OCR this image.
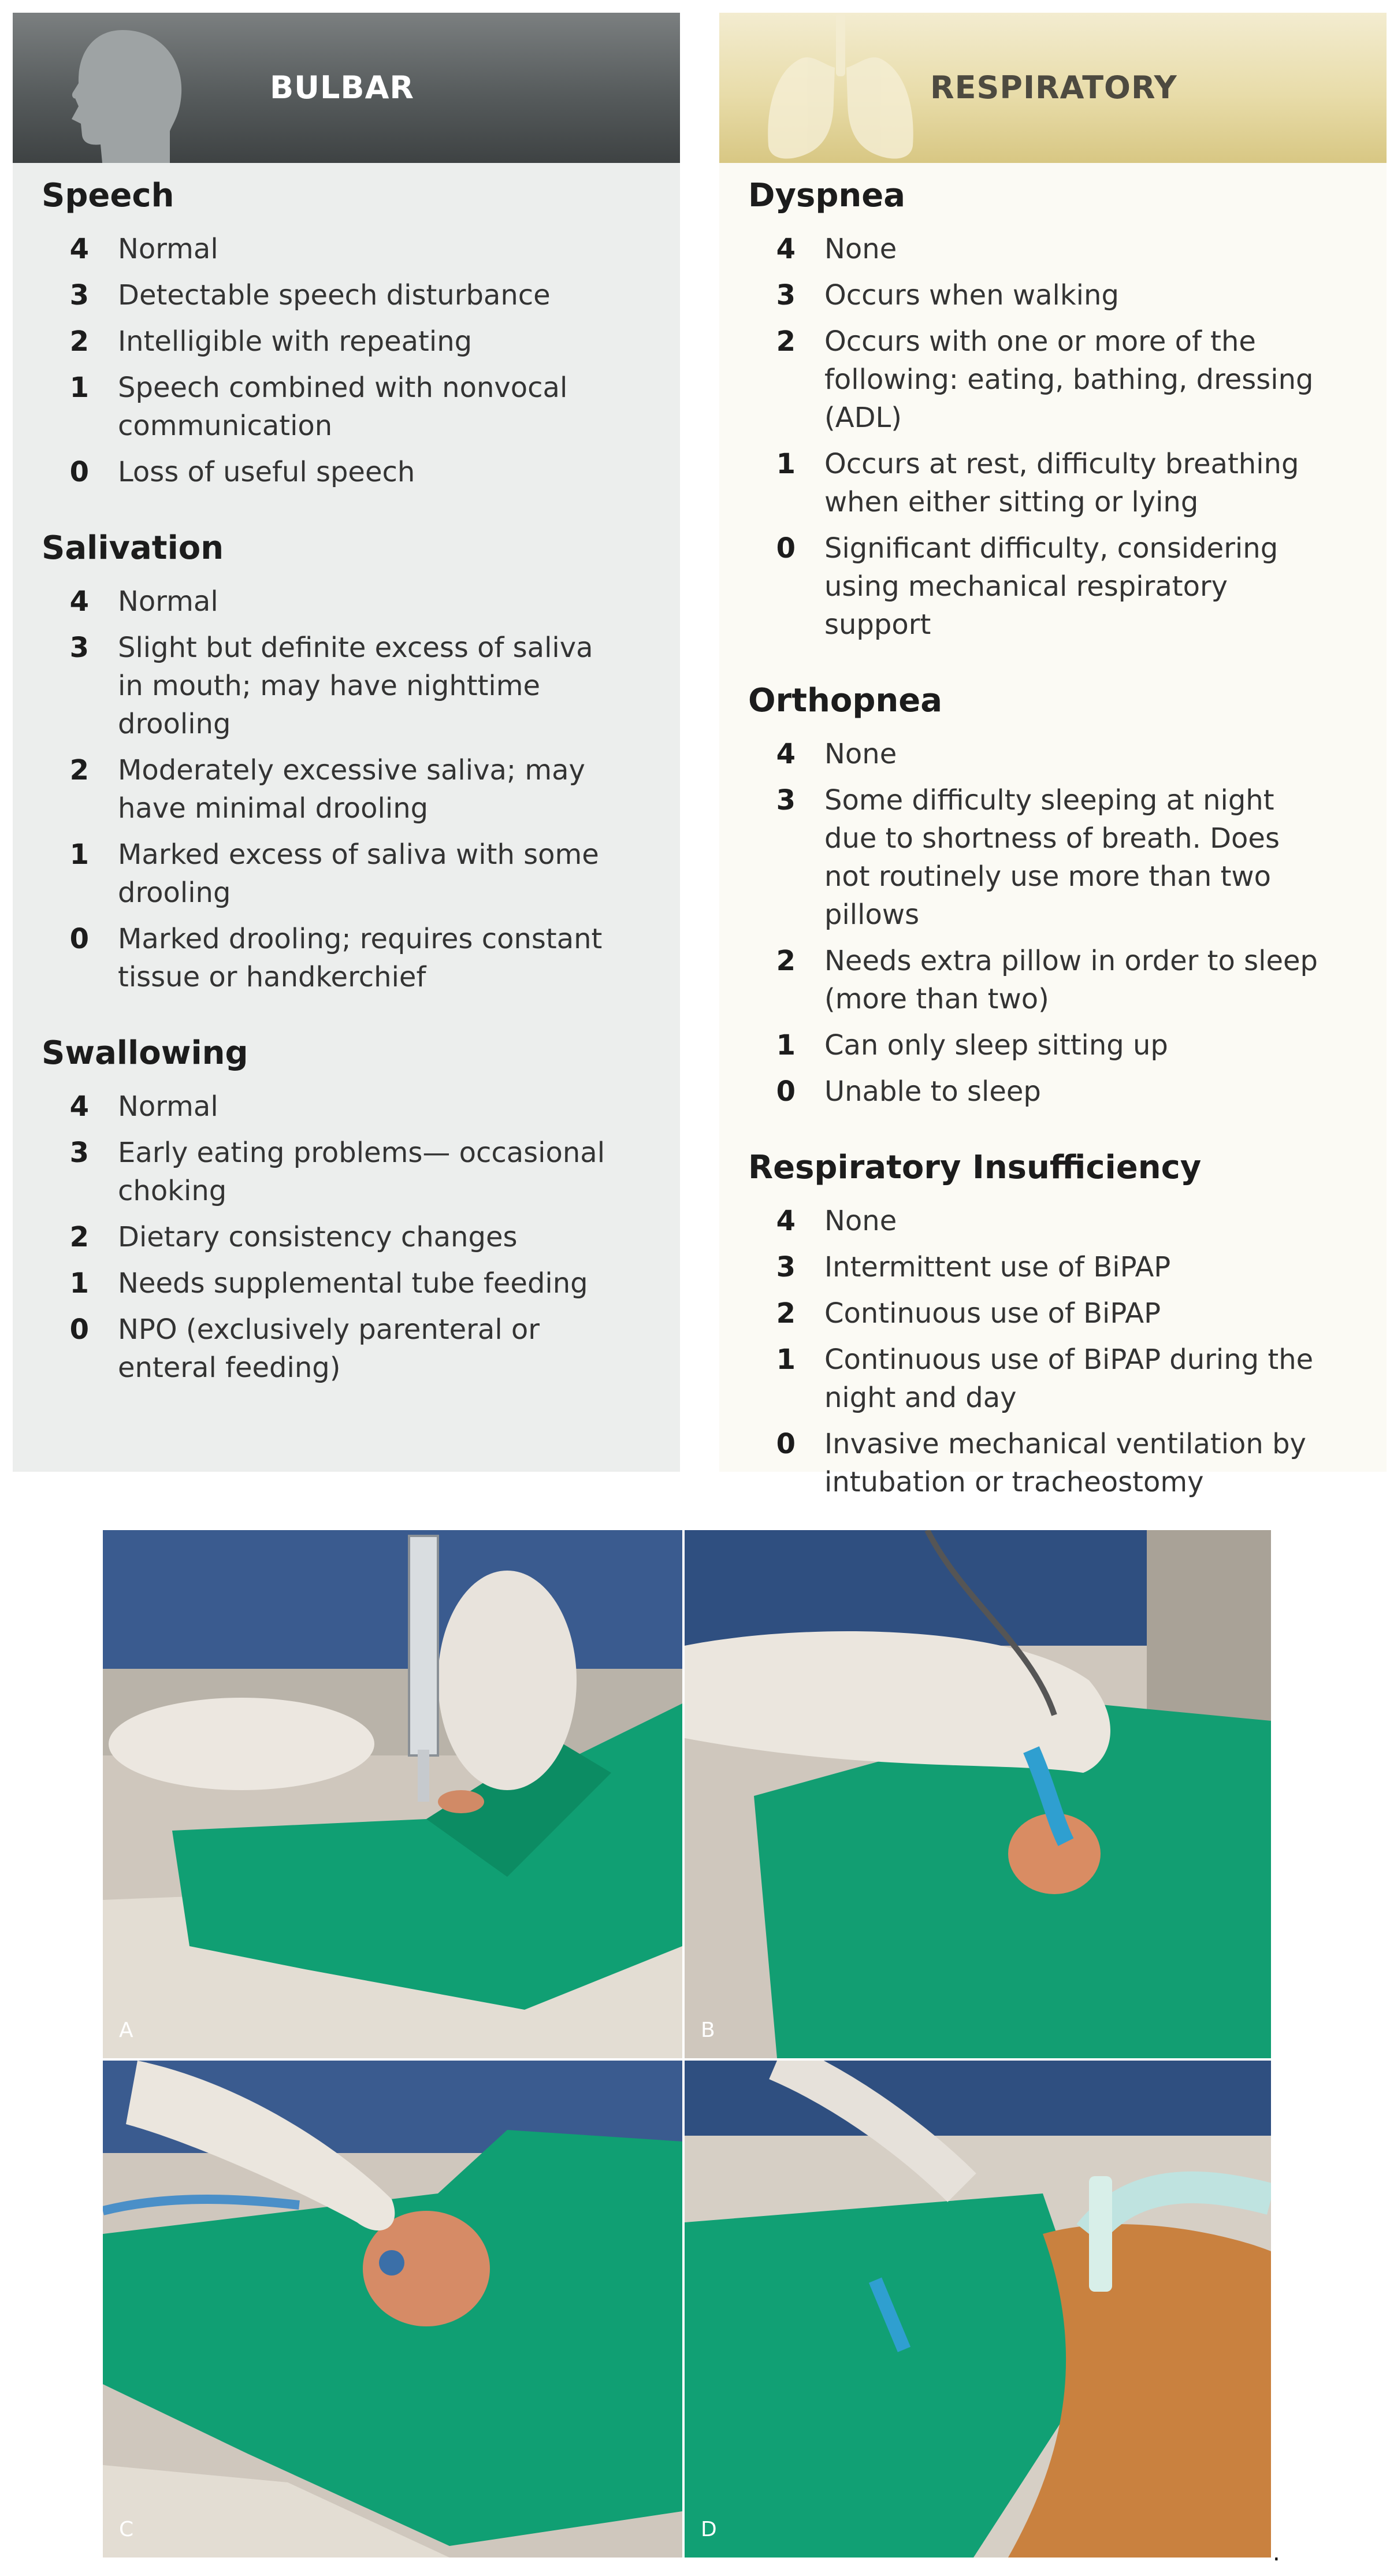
BULBAR
Speech
4 Normal
3 Detectable speech disturbance
2 Intelligible with repeating
1 Speech combined with nonvocal communication
0 Loss of useful speech
Salivation
4 Normal
3 Slight but definite excess of saliva in mouth; may have nighttime drooling
2 Moderately excessive saliva; may have minimal drooling
1 Marked excess of saliva with some drooling
0 Marked drooling; requires constant tissue or handkerchief
Swallowing
4 Normal
3 Early eating problems— occasional choking
2 Dietary consistency changes
1 Needs supplemental tube feeding
0 NPO (exclusively parenteral or enteral feeding)
RESPIRATORY
Dyspnea
4 None
3 Occurs when walking
2 Occurs with one or more of the following: eating, bathing, dressing (ADL)
1 Occurs at rest, difficulty breathing when either sitting or lying
0 Significant difficulty, considering using mechanical respiratory support
Orthopnea
4 None
3 Some difficulty sleeping at night due to shortness of breath. Does not routinely use more than two pillows
2 Needs extra pillow in order to sleep (more than two)
1 Can only sleep sitting up
0 Unable to sleep
Respiratory Insufficiency
4 None
3 Intermittent use of BiPAP
2 Continuous use of BiPAP
1 Continuous use of BiPAP during the night and day
0 Invasive mechanical ventilation by intubation or tracheostomy
A	B
C	D
.
